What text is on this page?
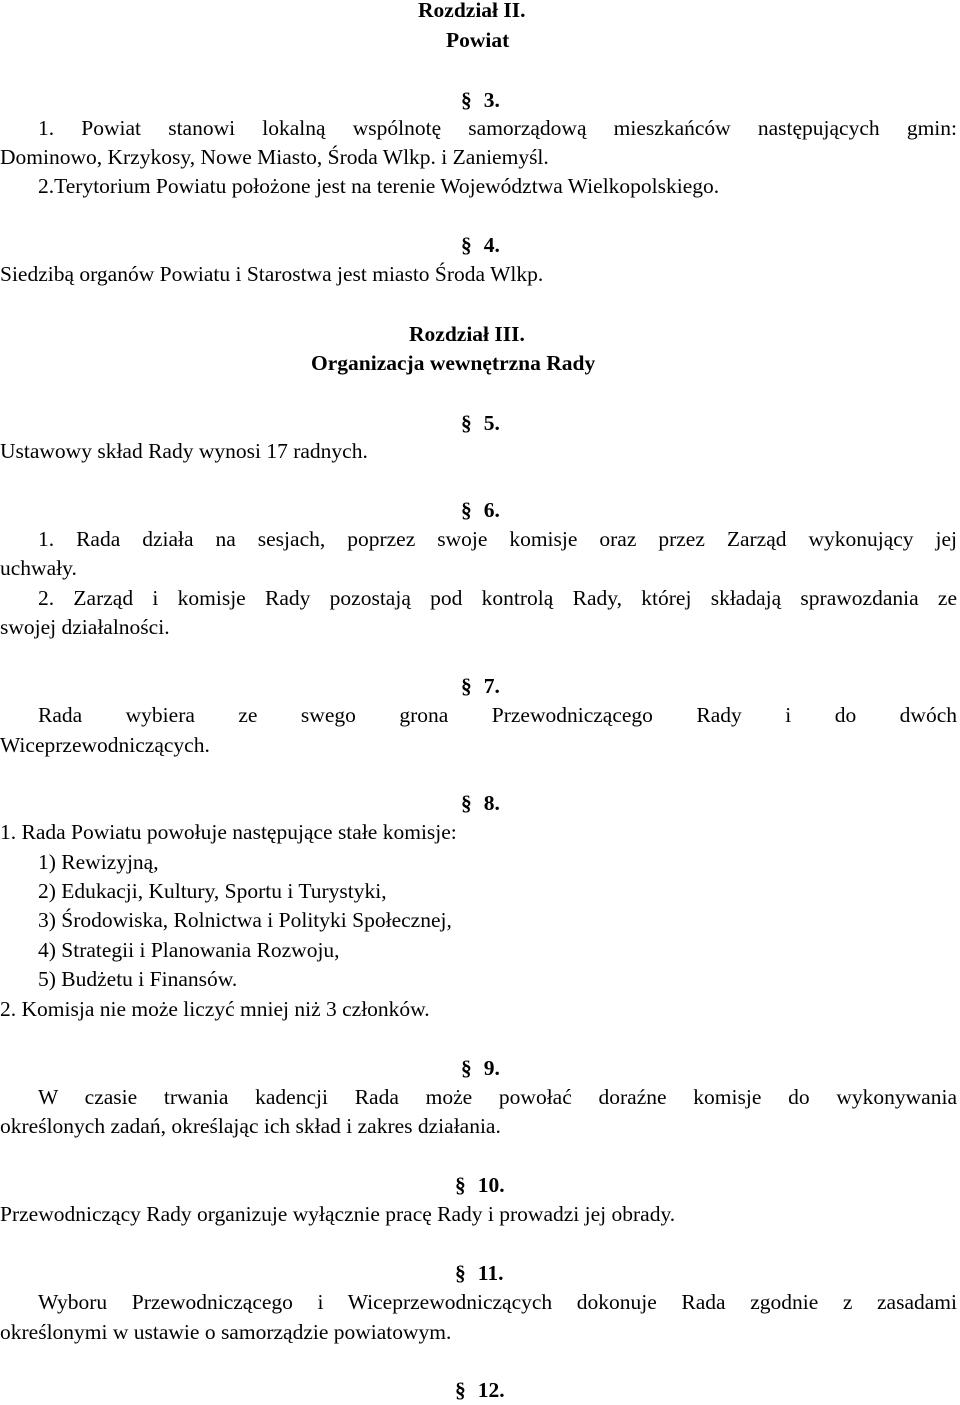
Rozdział II.
Powiat
§ 3.
1. Powiat stanowi lokalną wspólnotę samorządową mieszkańców następujących gmin:
Dominowo, Krzykosy, Nowe Miasto, Środa Wlkp. i Zaniemyśl.
2.Terytorium Powiatu położone jest na terenie Województwa Wielkopolskiego.
§ 4.
Siedzibą organów Powiatu i Starostwa jest miasto Środa Wlkp.
Rozdział III.
Organizacja wewnętrzna Rady
§ 5.
Ustawowy skład Rady wynosi 17 radnych.
§ 6.
1. Rada działa na sesjach, poprzez swoje komisje oraz przez Zarząd wykonujący jej
uchwały.
2. Zarząd i komisje Rady pozostają pod kontrolą Rady, której składają sprawozdania ze
swojej działalności.
§ 7.
Rada wybiera ze swego grona Przewodniczącego Rady i do dwóch
Wiceprzewodniczących.
§ 8.
1. Rada Powiatu powołuje następujące stałe komisje:
1) Rewizyjną,
2) Edukacji, Kultury, Sportu i Turystyki,
3) Środowiska, Rolnictwa i Polityki Społecznej,
4) Strategii i Planowania Rozwoju,
5) Budżetu i Finansów.
2. Komisja nie może liczyć mniej niż 3 członków.
§ 9.
W czasie trwania kadencji Rada może powołać doraźne komisje do wykonywania
określonych zadań, określając ich skład i zakres działania.
§ 10.
Przewodniczący Rady organizuje wyłącznie pracę Rady i prowadzi jej obrady.
§ 11.
Wyboru Przewodniczącego i Wiceprzewodniczących dokonuje Rada zgodnie z zasadami
określonymi w ustawie o samorządzie powiatowym.
§ 12.
